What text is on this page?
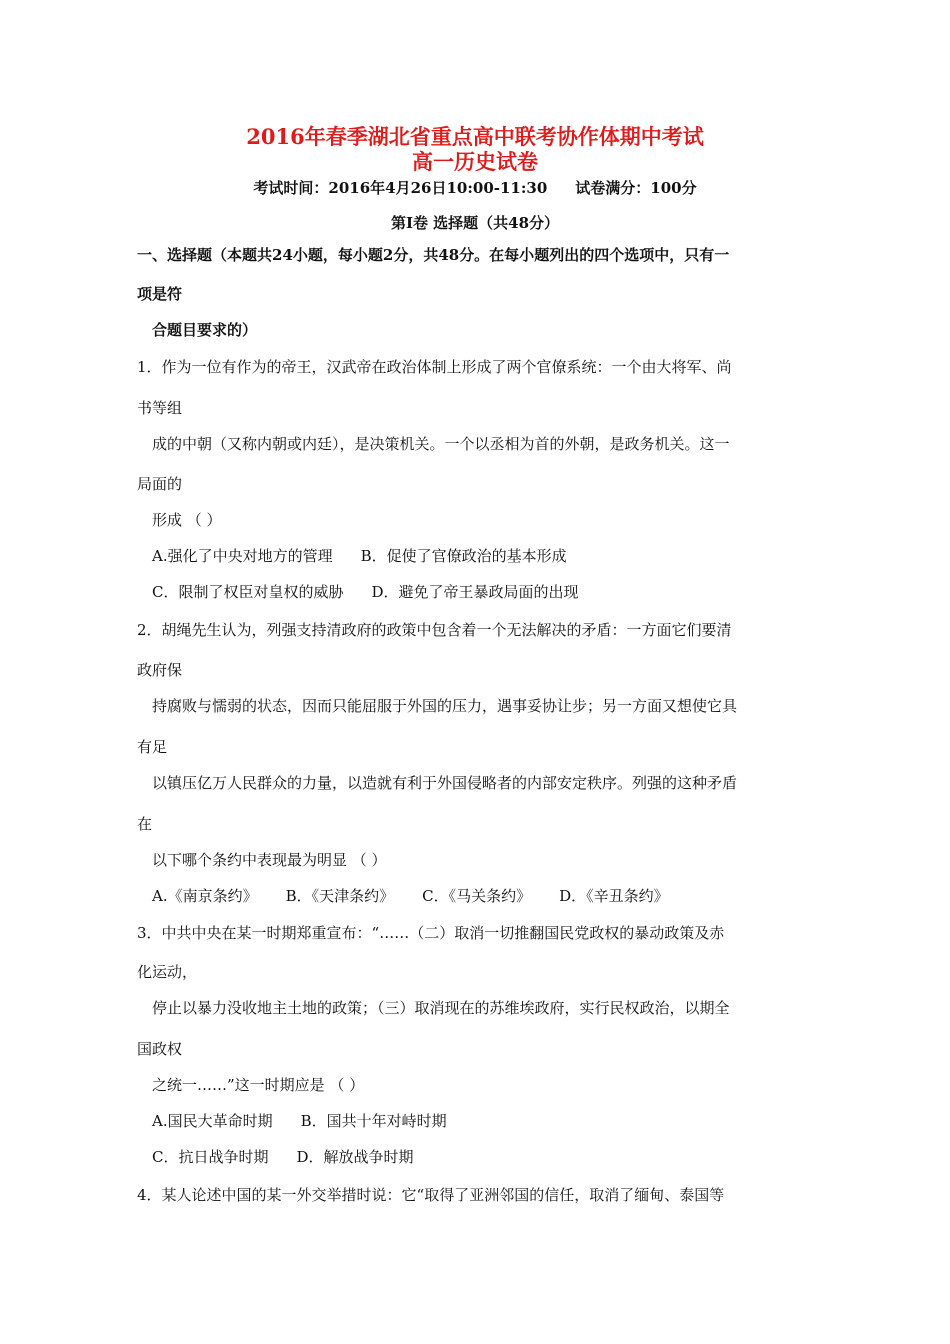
2016年春季湖北省重点高中联考协作体期中考试
高一历史试卷
考试时间：2016年4月26日10:00-11:30 试卷满分：100分
第Ⅰ卷 选择题（共48分）
一、选择题（本题共24小题，每小题2分，共48分。在每小题列出的四个选项中，只有一
项是符
合题目要求的）
1．作为一位有作为的帝王，汉武帝在政治体制上形成了两个官僚系统：一个由大将军、尚
书等组
成的中朝（又称内朝或内廷），是决策机关。一个以丞相为首的外朝，是政务机关。这一
局面的
形成 （ ）
A.强化了中央对地方的管理 B．促使了官僚政治的基本形成
C．限制了权臣对皇权的威胁 D．避免了帝王暴政局面的出现
2．胡绳先生认为，列强支持清政府的政策中包含着一个无法解决的矛盾：一方面它们要清
政府保
持腐败与懦弱的状态，因而只能屈服于外国的压力，遇事妥协让步；另一方面又想使它具
有足
以镇压亿万人民群众的力量，以造就有利于外国侵略者的内部安定秩序。列强的这种矛盾
在
以下哪个条约中表现最为明显 （ ）
A.《南京条约》 B．《天津条约》 C．《马关条约》 D．《辛丑条约》
3．中共中央在某一时期郑重宣布：“……（二）取消一切推翻国民党政权的暴动政策及赤
化运动，
停止以暴力没收地主土地的政策；（三）取消现在的苏维埃政府，实行民权政治，以期全
国政权
之统一……”这一时期应是 （ ）
A.国民大革命时期 B．国共十年对峙时期
C．抗日战争时期 D．解放战争时期
4．某人论述中国的某一外交举措时说：它“取得了亚洲邻国的信任，取消了缅甸、泰国等
